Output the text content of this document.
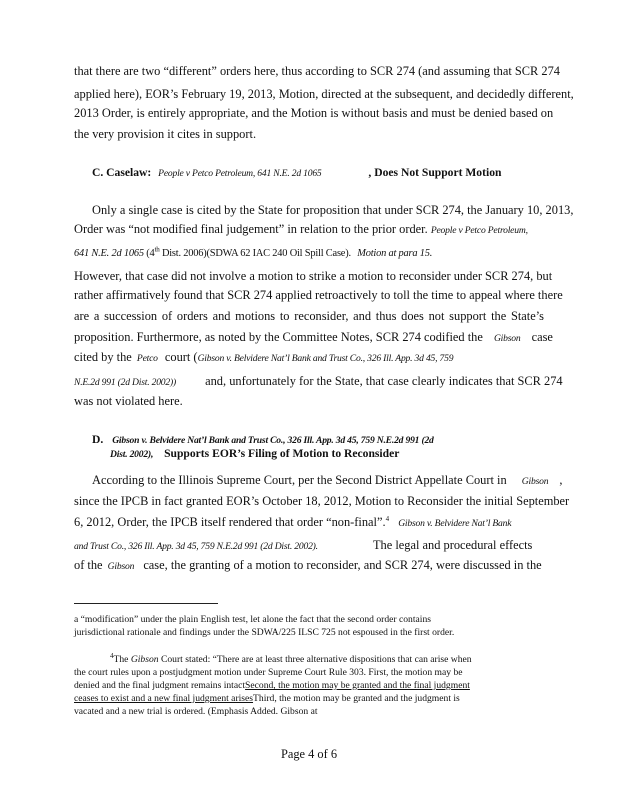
that there are two “different” orders here, thus according to SCR 274 (and assuming that SCR 274
applied here), EOR’s February 19, 2013, Motion, directed at the subsequent, and decidedly different,
2013 Order, is entirely appropriate, and the Motion is without basis and must be denied based on
the very provision it cites in support.
C. Caselaw: People v Petco Petroleum, 641 N.E. 2d 1065	, Does Not Support Motion
Only a single case is cited by the State for proposition that under SCR 274, the January 10, 2013,
Order was “not modified final judgement” in relation to the prior order. People v Petco Petroleum,
641 N.E. 2d 1065 (4th Dist. 2006)(SDWA 62 IAC 240 Oil Spill Case). Motion at para 15.
However, that case did not involve a motion to strike a motion to reconsider under SCR 274, but
rather affirmatively found that SCR 274 applied retroactively to toll the time to appeal where there
are a succession of orders and motions to reconsider, and thus does not support the State’s
proposition. Furthermore, as noted by the Committee Notes, SCR 274 codified the Gibson case
cited by the Petco court (Gibson v. Belvidere Nat’l Bank and Trust Co., 326 Ill. App. 3d 45, 759
N.E.2d 991 (2d Dist. 2002)) and, unfortunately for the State, that case clearly indicates that SCR 274
was not violated here.
D. Gibson v. Belvidere Nat’l Bank and Trust Co., 326 Ill. App. 3d 45, 759 N.E.2d 991 (2d
Dist. 2002), Supports EOR’s Filing of Motion to Reconsider
According to the Illinois Supreme Court, per the Second District Appellate Court in Gibson ,
since the IPCB in fact granted EOR’s October 18, 2012, Motion to Reconsider the initial September
6, 2012, Order, the IPCB itself rendered that order “non-final”.$^4$ Gibson v. Belvidere Nat’l Bank
and Trust Co., 326 Ill. App. 3d 45, 759 N.E.2d 991 (2d Dist. 2002).	The legal and procedural effects
of the Gibson case, the granting of a motion to reconsider, and SCR 274, were discussed in the
a “modification” under the plain English test, let alone the fact that the second order contains
jurisdictional rationale and findings under the SDWA/225 ILSC 725 not espoused in the first order.
$^4$The Gibson Court stated: “There are at least three alternative dispositions that can arise when
the court rules upon a postjudgment motion under Supreme Court Rule 303. First, the motion may be
denied and the final judgment remains intactSecond, the motion may be granted and the final judgment
ceases to exist and a new final judgment arisesThird, the motion may be granted and the judgment is
vacated and a new trial is ordered. (Emphasis Added. Gibson at
Page 4 of 6
